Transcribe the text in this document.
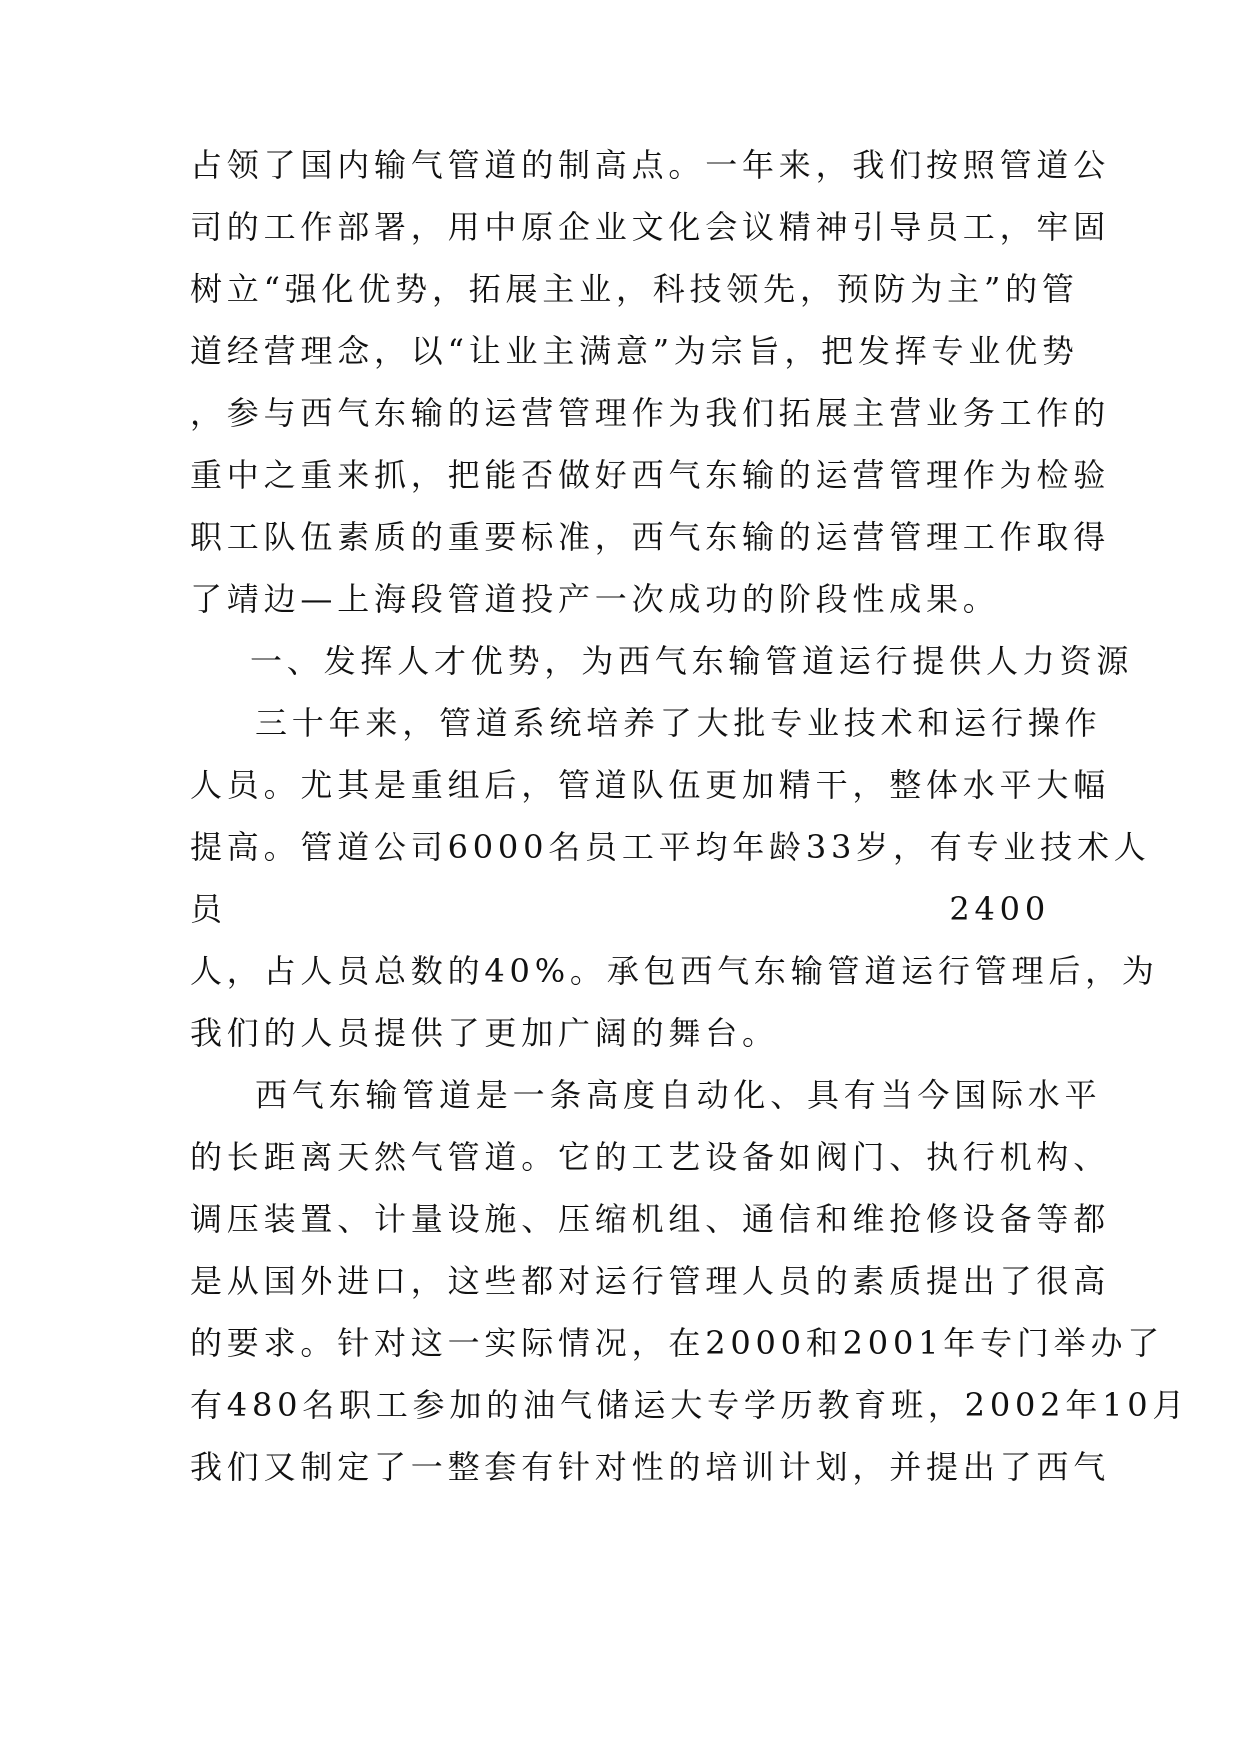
占领了国内输气管道的制高点。一年来，我们按照管道公
司的工作部署，用中原企业文化会议精神引导员工，牢固
树立“强化优势，拓展主业，科技领先，预防为主”的管
道经营理念，以“让业主满意”为宗旨，把发挥专业优势
，参与西气东输的运营管理作为我们拓展主营业务工作的
重中之重来抓，把能否做好西气东输的运营管理作为检验
职工队伍素质的重要标准，西气东输的运营管理工作取得
了靖边—上海段管道投产一次成功的阶段性成果。
一、发挥人才优势，为西气东输管道运行提供人力资源
三十年来，管道系统培养了大批专业技术和运行操作
人员。尤其是重组后，管道队伍更加精干，整体水平大幅
提高。管道公司6000名员工平均年龄33岁，有专业技术人
员	2400
人，占人员总数的40%。承包西气东输管道运行管理后，为
我们的人员提供了更加广阔的舞台。
西气东输管道是一条高度自动化、具有当今国际水平
的长距离天然气管道。它的工艺设备如阀门、执行机构、
调压装置、计量设施、压缩机组、通信和维抢修设备等都
是从国外进口，这些都对运行管理人员的素质提出了很高
的要求。针对这一实际情况，在2000和2001年专门举办了
有480名职工参加的油气储运大专学历教育班，2002年10月
我们又制定了一整套有针对性的培训计划，并提出了西气
